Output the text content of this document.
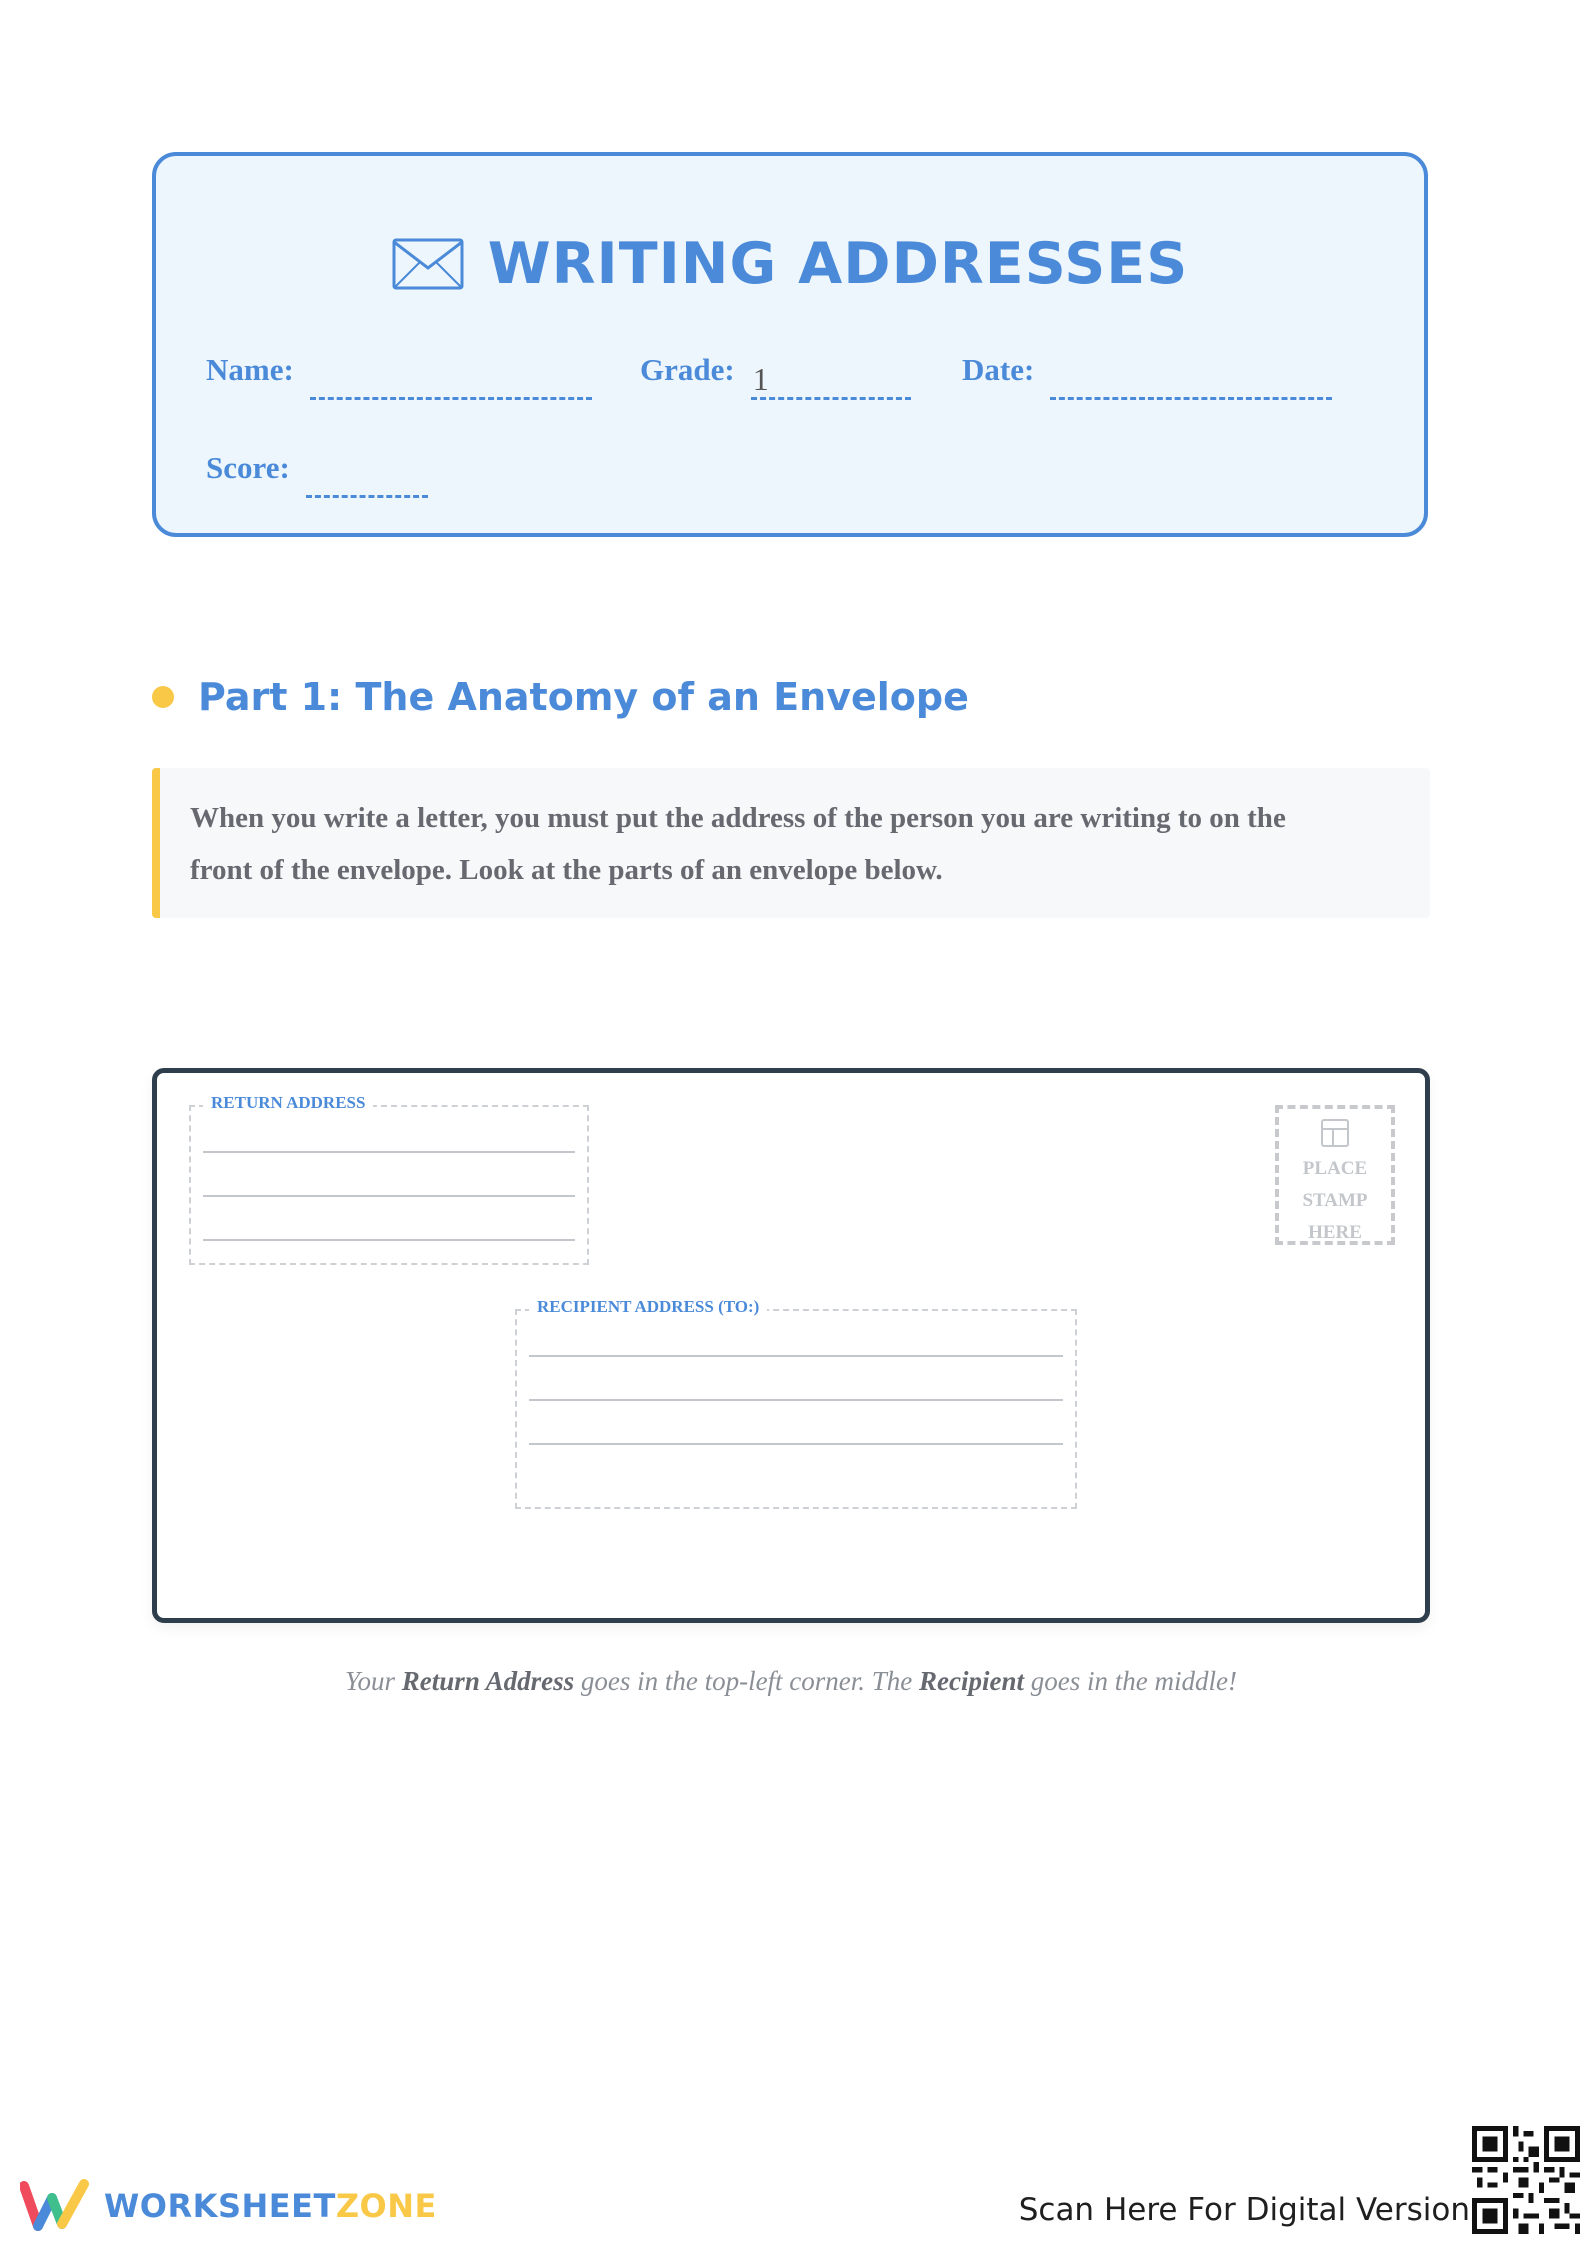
WRITING ADDRESSES
Name:	Grade: 1	Date:
Score:
Part 1: The Anatomy of an Envelope
When you write a letter, you must put the address of the person you are writing to on the
front of the envelope. Look at the parts of an envelope below.
RETURN ADDRESS
PLACE
STAMP
HERE
RECIPIENT ADDRESS (TO:)
Your Return Address goes in the top-left corner. The Recipient goes in the middle!
WORKSHEETZONE	Scan Here For Digital Version
